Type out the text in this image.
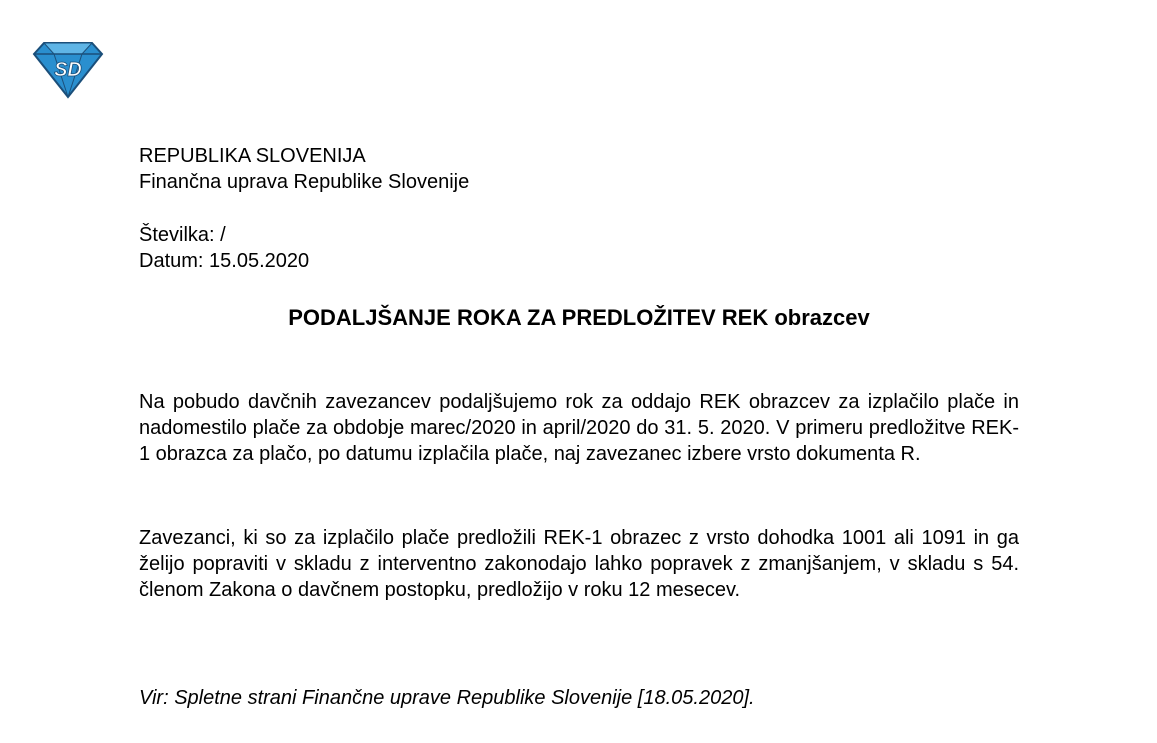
SD
REPUBLIKA SLOVENIJA
Finančna uprava Republike Slovenije
Številka: /
Datum: 15.05.2020
PODALJŠANJE ROKA ZA PREDLOŽITEV REK obrazcev
Na pobudo davčnih zavezancev podaljšujemo rok za oddajo REK obrazcev za izplačilo plače in nadomestilo plače za obdobje marec/2020 in april/2020 do 31. 5. 2020. V primeru predložitve REK-1 obrazca za plačo, po datumu izplačila plače, naj zavezanec izbere vrsto dokumenta R.
Zavezanci, ki so za izplačilo plače predložili REK-1 obrazec z vrsto dohodka 1001 ali 1091 in ga želijo popraviti v skladu z interventno zakonodajo lahko popravek z zmanjšanjem, v skladu s 54. členom Zakona o davčnem postopku, predložijo v roku 12 mesecev.
Vir: Spletne strani Finančne uprave Republike Slovenije [18.05.2020].
